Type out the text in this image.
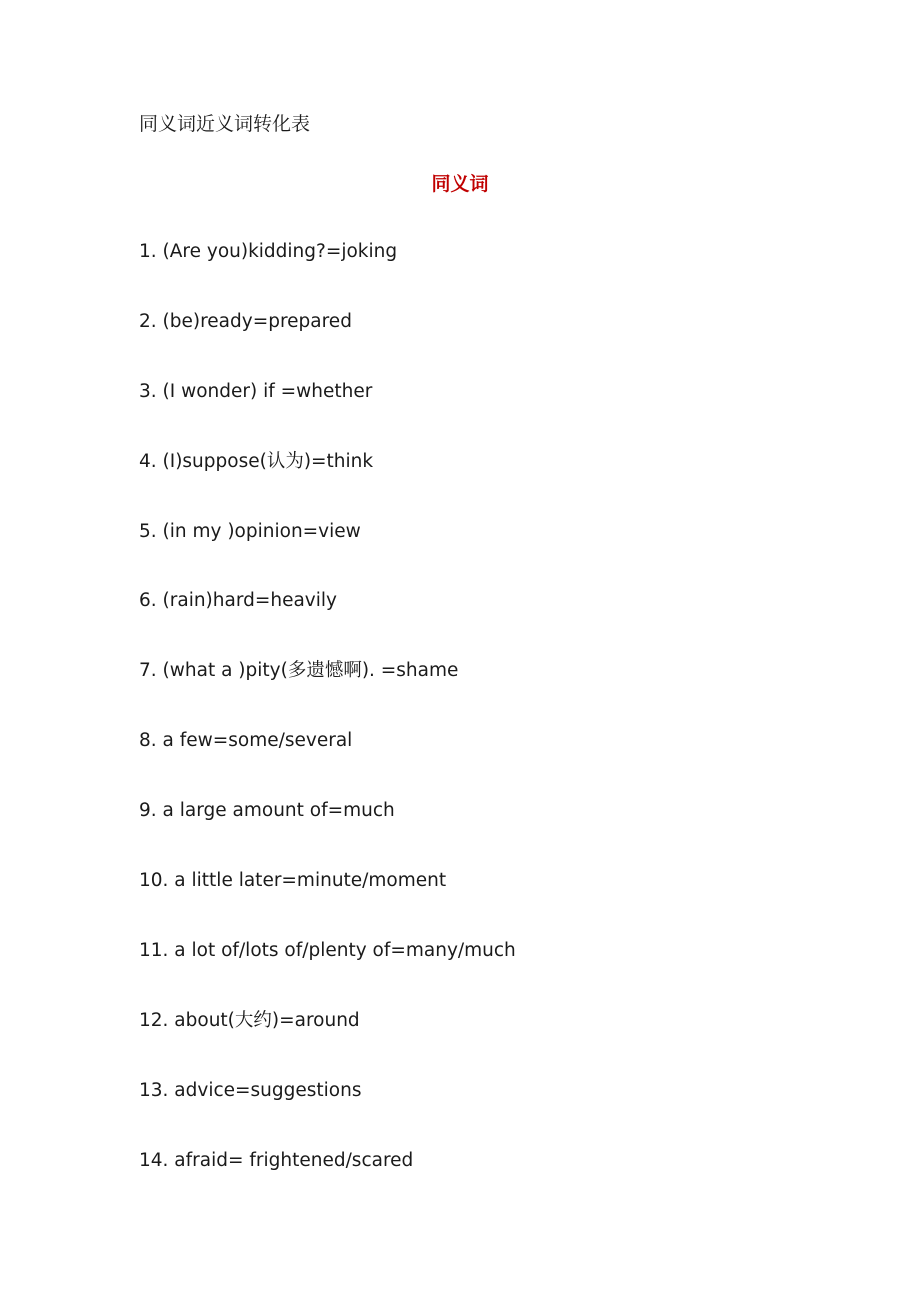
同义词近义词转化表
同义词
1. (Are you)kidding?=joking
2. (be)ready=prepared
3. (I wonder) if =whether
4. (I)suppose(认为)=think
5. (in my )opinion=view
6. (rain)hard=heavily
7. (what a )pity(多遗憾啊). =shame
8. a few=some/several
9. a large amount of=much
10. a little later=minute/moment
11. a lot of/lots of/plenty of=many/much
12. about(大约)=around
13. advice=suggestions
14. afraid= frightened/scared
